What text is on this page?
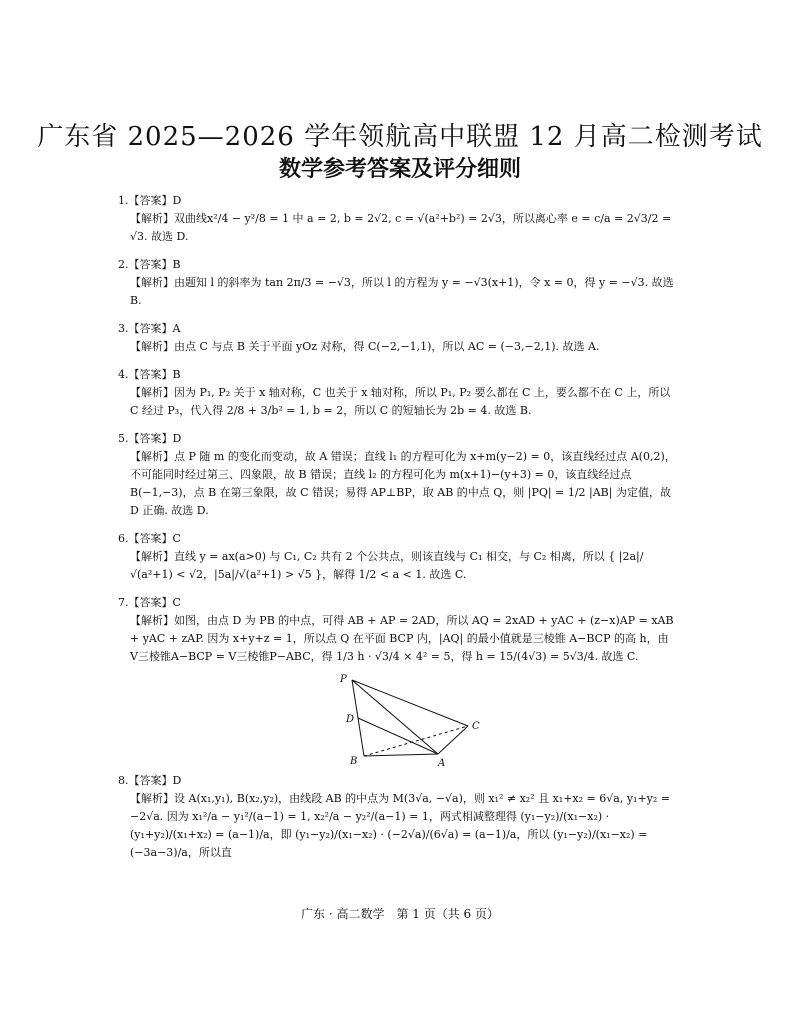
广东省 2025—2026 学年领航高中联盟 12 月高二检测考试
数学参考答案及评分细则

1.【答案】D

【解析】双曲线x²/4 − y²/8 = 1 中 a = 2, b = 2√2, c = √(a²+b²) = 2√3，所以离心率 e = c/a = 2√3/2 = √3. 故选 D.

2.【答案】B

【解析】由题知 l 的斜率为 tan 2π/3 = −√3，所以 l 的方程为 y = −√3(x+1)，令 x = 0，得 y = −√3. 故选 B.

3.【答案】A

【解析】由点 C 与点 B 关于平面 yOz 对称，得 C(−2,−1,1)，所以 AC = (−3,−2,1). 故选 A.

4.【答案】B

【解析】因为 P₁, P₂ 关于 x 轴对称，C 也关于 x 轴对称，所以 P₁, P₂ 要么都在 C 上，要么都不在 C 上，所以 C 经过 P₃，代入得 2/8 + 3/b² = 1, b = 2，所以 C 的短轴长为 2b = 4. 故选 B.

5.【答案】D

【解析】点 P 随 m 的变化而变动，故 A 错误；直线 l₁ 的方程可化为 x+m(y−2) = 0，该直线经过点 A(0,2)，不可能同时经过第三、四象限，故 B 错误；直线 l₂ 的方程可化为 m(x+1)−(y+3) = 0，该直线经过点 B(−1,−3)，点 B 在第三象限，故 C 错误；易得 AP⊥BP，取 AB 的中点 Q，则 |PQ| = 1/2 |AB| 为定值，故 D 正确. 故选 D.

6.【答案】C

【解析】直线 y = ax(a>0) 与 C₁, C₂ 共有 2 个公共点，则该直线与 C₁ 相交，与 C₂ 相离，所以 { |2a|/√(a²+1) < √2，|5a|/√(a²+1) > √5 }，解得 1/2 < a < 1. 故选 C.

7.【答案】C

【解析】如图，由点 D 为 PB 的中点，可得 AB + AP = 2AD，所以 AQ = 2xAD + yAC + (z−x)AP = xAB + yAC + zAP. 因为 x+y+z = 1，所以点 Q 在平面 BCP 内，|AQ| 的最小值就是三棱锥 A−BCP 的高 h，由 V三棱锥A−BCP = V三棱锥P−ABC，得 1/3 h · √3/4 × 4² = 5，得 h = 15/(4√3) = 5√3/4. 故选 C.

P
D
C
B	A

8.【答案】D

【解析】设 A(x₁,y₁), B(x₂,y₂)，由线段 AB 的中点为 M(3√a, −√a)，则 x₁² ≠ x₂² 且 x₁+x₂ = 6√a, y₁+y₂ = −2√a. 因为 x₁²/a − y₁²/(a−1) = 1, x₂²/a − y₂²/(a−1) = 1，两式相减整理得 (y₁−y₂)/(x₁−x₂) · (y₁+y₂)/(x₁+x₂) = (a−1)/a，即 (y₁−y₂)/(x₁−x₂) · (−2√a)/(6√a) = (a−1)/a，所以 (y₁−y₂)/(x₁−x₂) = (−3a−3)/a，所以直

广东 · 高二数学　第 1 页（共 6 页）
